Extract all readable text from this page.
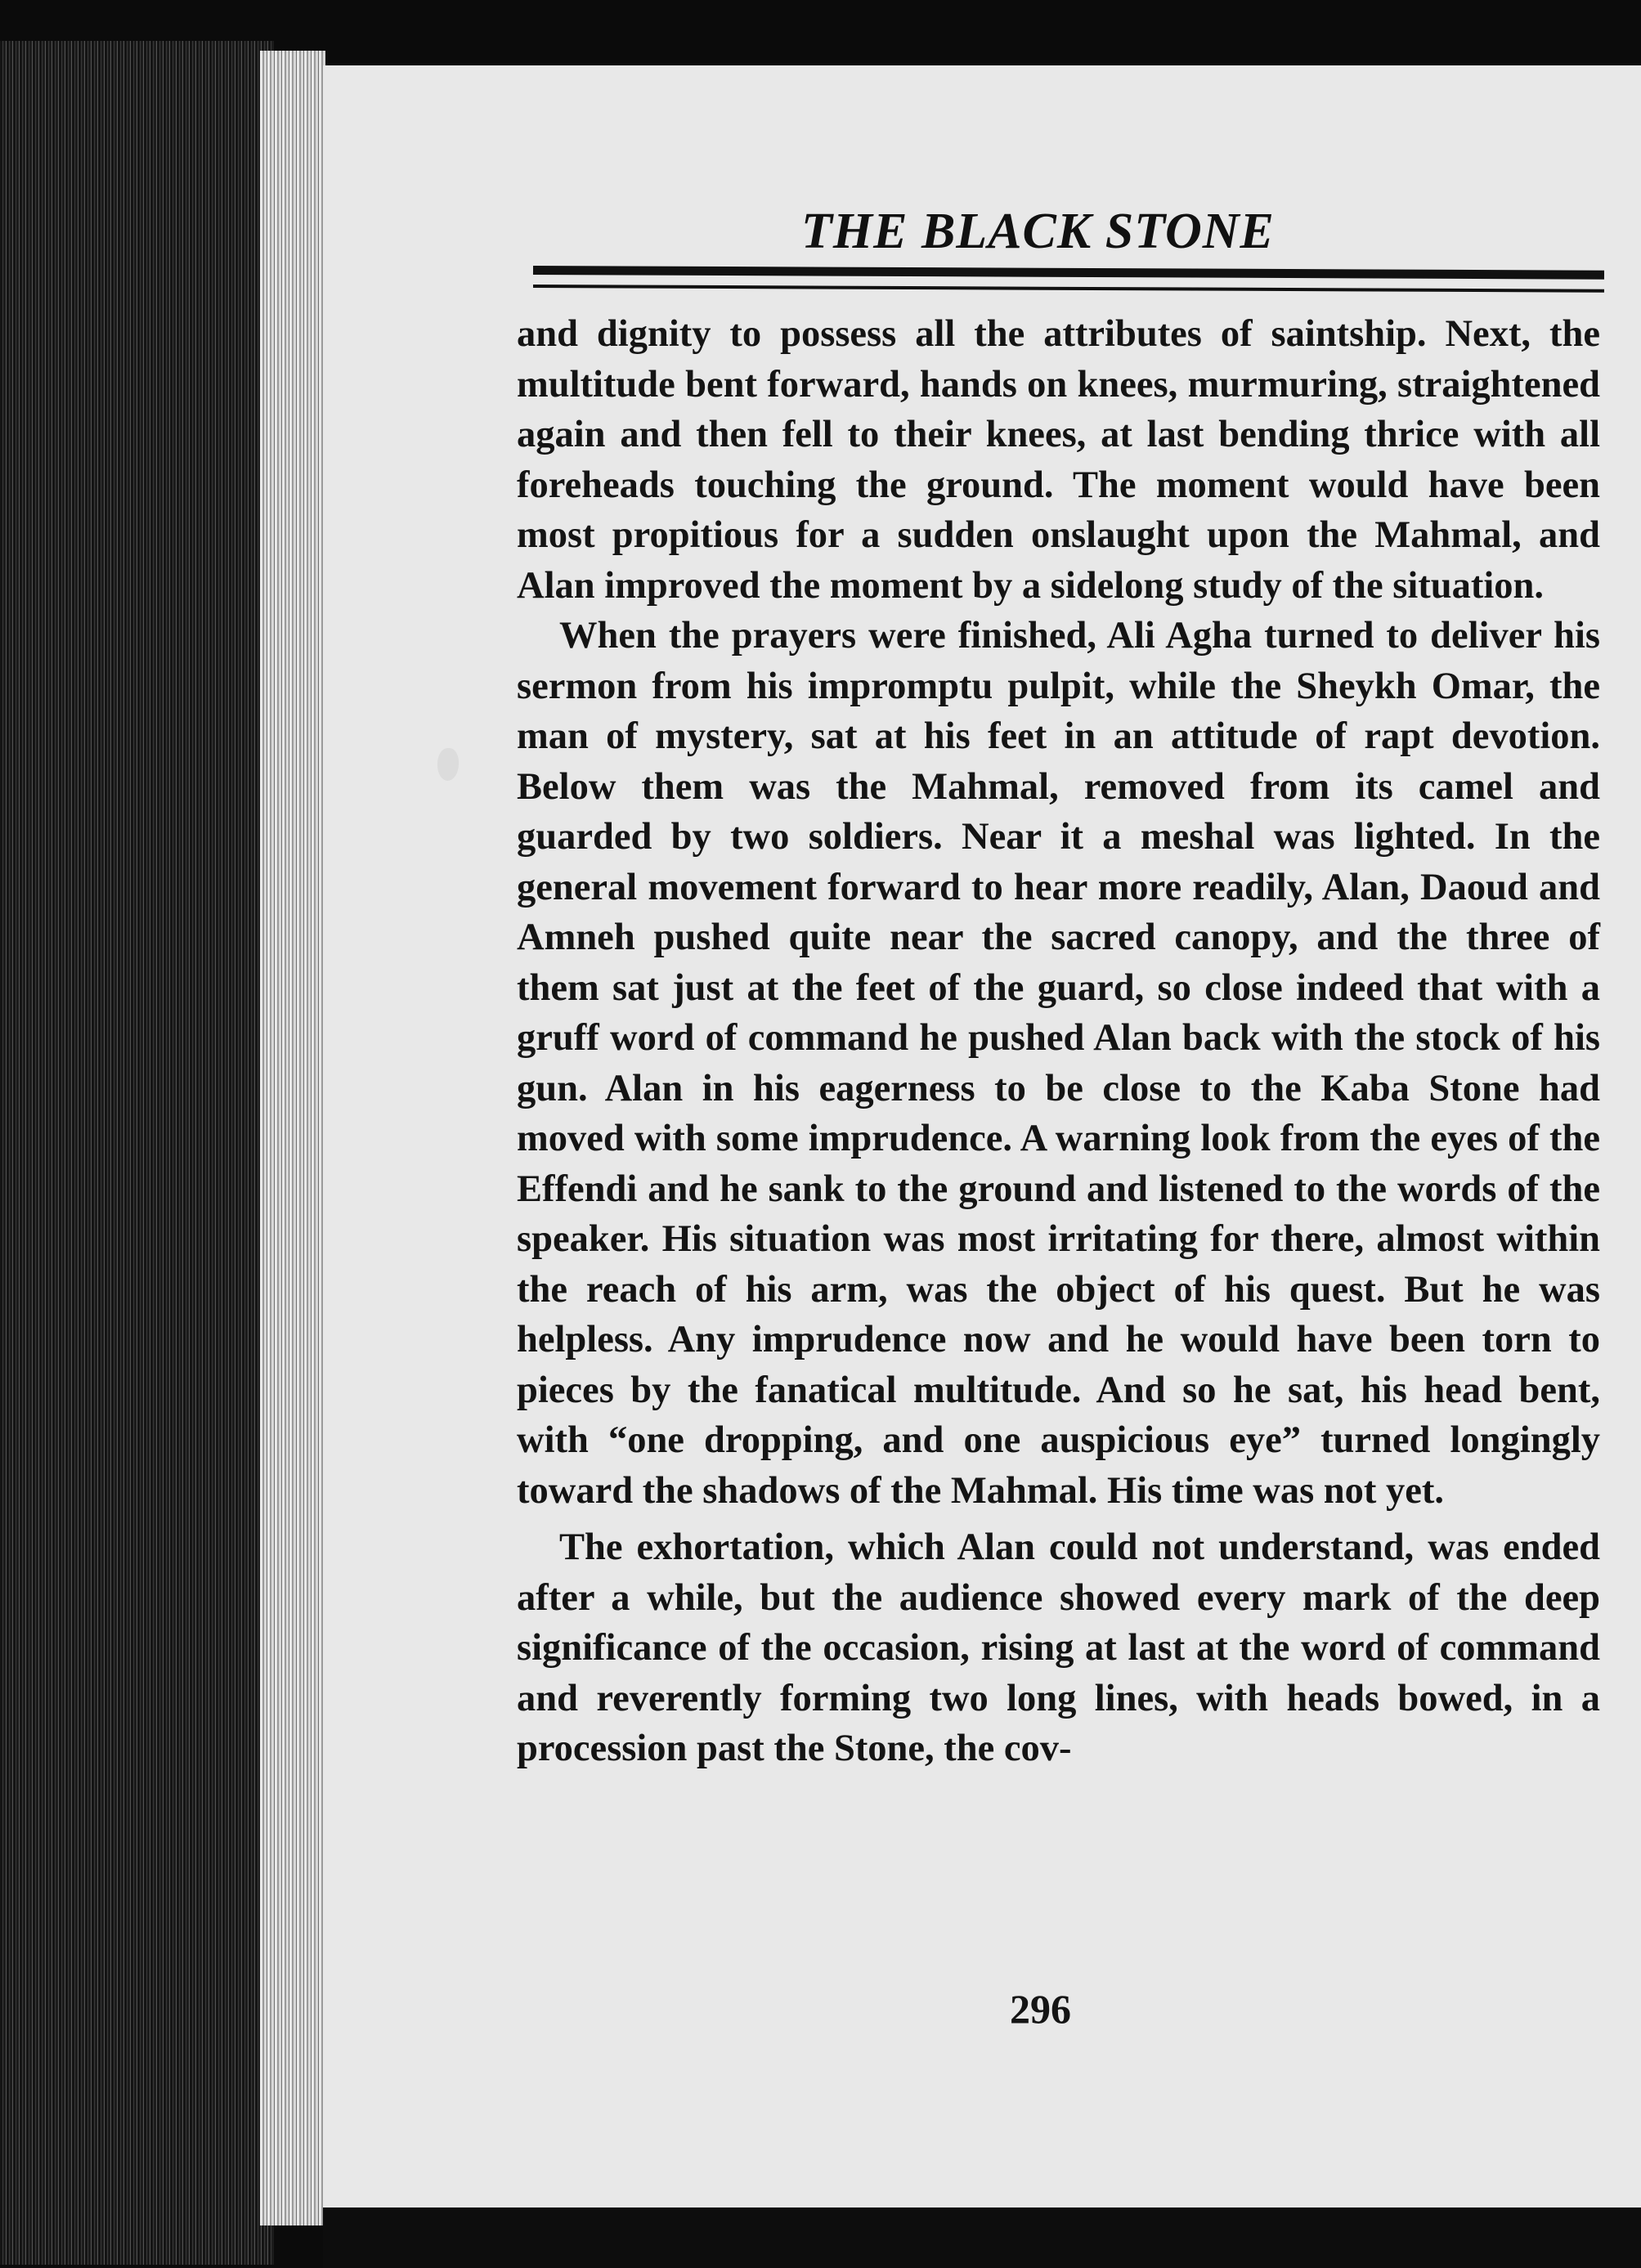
THE BLACK STONE

and dignity to possess all the attributes of saintship. Next, the multitude bent forward, hands on knees, murmuring, straightened again and then fell to their knees, at last bending thrice with all foreheads touching the ground. The moment would have been most propitious for a sudden onslaught upon the Mahmal, and Alan improved the moment by a sidelong study of the situation.

When the prayers were finished, Ali Agha turned to deliver his sermon from his impromptu pulpit, while the Sheykh Omar, the man of mystery, sat at his feet in an attitude of rapt devotion. Below them was the Mahmal, removed from its camel and guarded by two soldiers. Near it a meshal was lighted. In the general movement forward to hear more readily, Alan, Daoud and Amneh pushed quite near the sacred canopy, and the three of them sat just at the feet of the guard, so close indeed that with a gruff word of command he pushed Alan back with the stock of his gun. Alan in his eagerness to be close to the Kaba Stone had moved with some imprudence. A warning look from the eyes of the Effendi and he sank to the ground and listened to the words of the speaker. His situation was most irritating for there, almost within the reach of his arm, was the object of his quest. But he was helpless. Any imprudence now and he would have been torn to pieces by the fanatical multitude. And so he sat, his head bent, with “one dropping, and one auspicious eye” turned longingly toward the shadows of the Mahmal. His time was not yet.

The exhortation, which Alan could not understand, was ended after a while, but the audience showed every mark of the deep significance of the occasion, rising at last at the word of command and reverently forming two long lines, with heads bowed, in a procession past the Stone, the cov-

296
